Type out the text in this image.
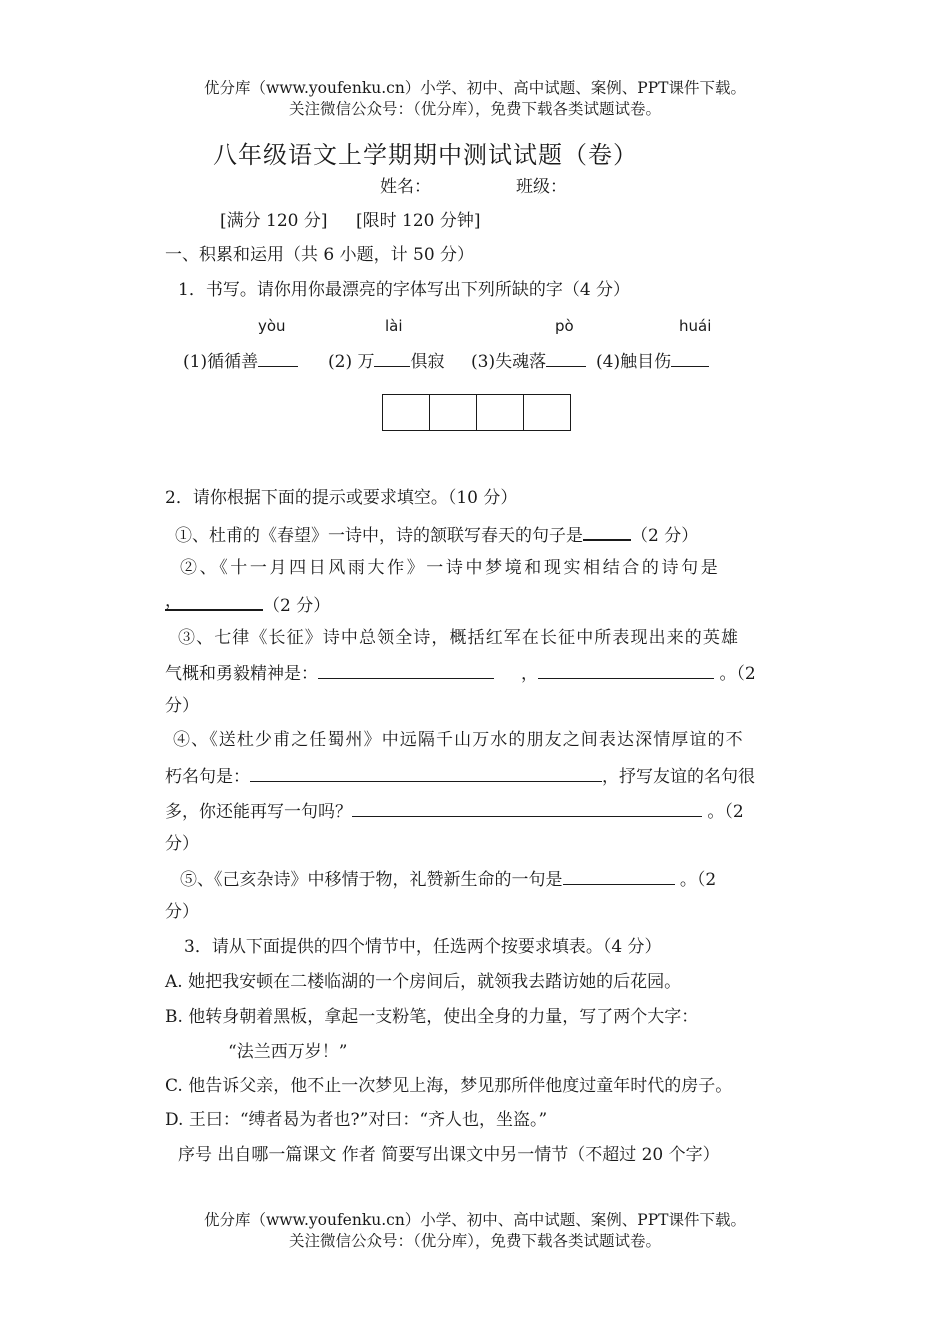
优分库（www.youfenku.cn）小学、初中、高中试题、案例、PPT课件下载。
关注微信公众号：（优分库），免费下载各类试题试卷。
八年级语文上学期期中测试试题（卷）
姓名：	班级：
[满分 120 分] [限时 120 分钟]
一、积累和运用（共 6 小题，计 50 分）
1．书写。请你用你最漂亮的字体写出下列所缺的字（4 分）
yòu	lài	pò	huái
(1)循循善	(2) 万 俱寂 (3)失魂落	(4)触目伤
2．请你根据下面的提示或要求填空。（10 分）
①、杜甫的《春望》一诗中，诗的颔联写春天的句子是	（2 分）
②、《十一月四日风雨大作》一诗中梦境和现实相结合的诗句是
，	（2 分）
③、七律《长征》诗中总领全诗，概括红军在长征中所表现出来的英雄
气概和勇毅精神是：	，	。（2
分）
④、《送杜少甫之任蜀州》中远隔千山万水的朋友之间表达深情厚谊的不
朽名句是：	，抒写友谊的名句很
多，你还能再写一句吗？	。（2
分）
⑤、《己亥杂诗》中移情于物，礼赞新生命的一句是	。（2
分）
3．请从下面提供的四个情节中，任选两个按要求填表。（4 分）
A. 她把我安顿在二楼临湖的一个房间后，就领我去踏访她的后花园。
B. 他转身朝着黑板，拿起一支粉笔，使出全身的力量，写了两个大字：
“法兰西万岁！”
C. 他告诉父亲，他不止一次梦见上海，梦见那所伴他度过童年时代的房子。
D. 王曰：“缚者曷为者也?”对曰：“齐人也，坐盗。”
序号 出自哪一篇课文 作者 简要写出课文中另一情节（不超过 20 个字）
优分库（www.youfenku.cn）小学、初中、高中试题、案例、PPT课件下载。
关注微信公众号：（优分库），免费下载各类试题试卷。
